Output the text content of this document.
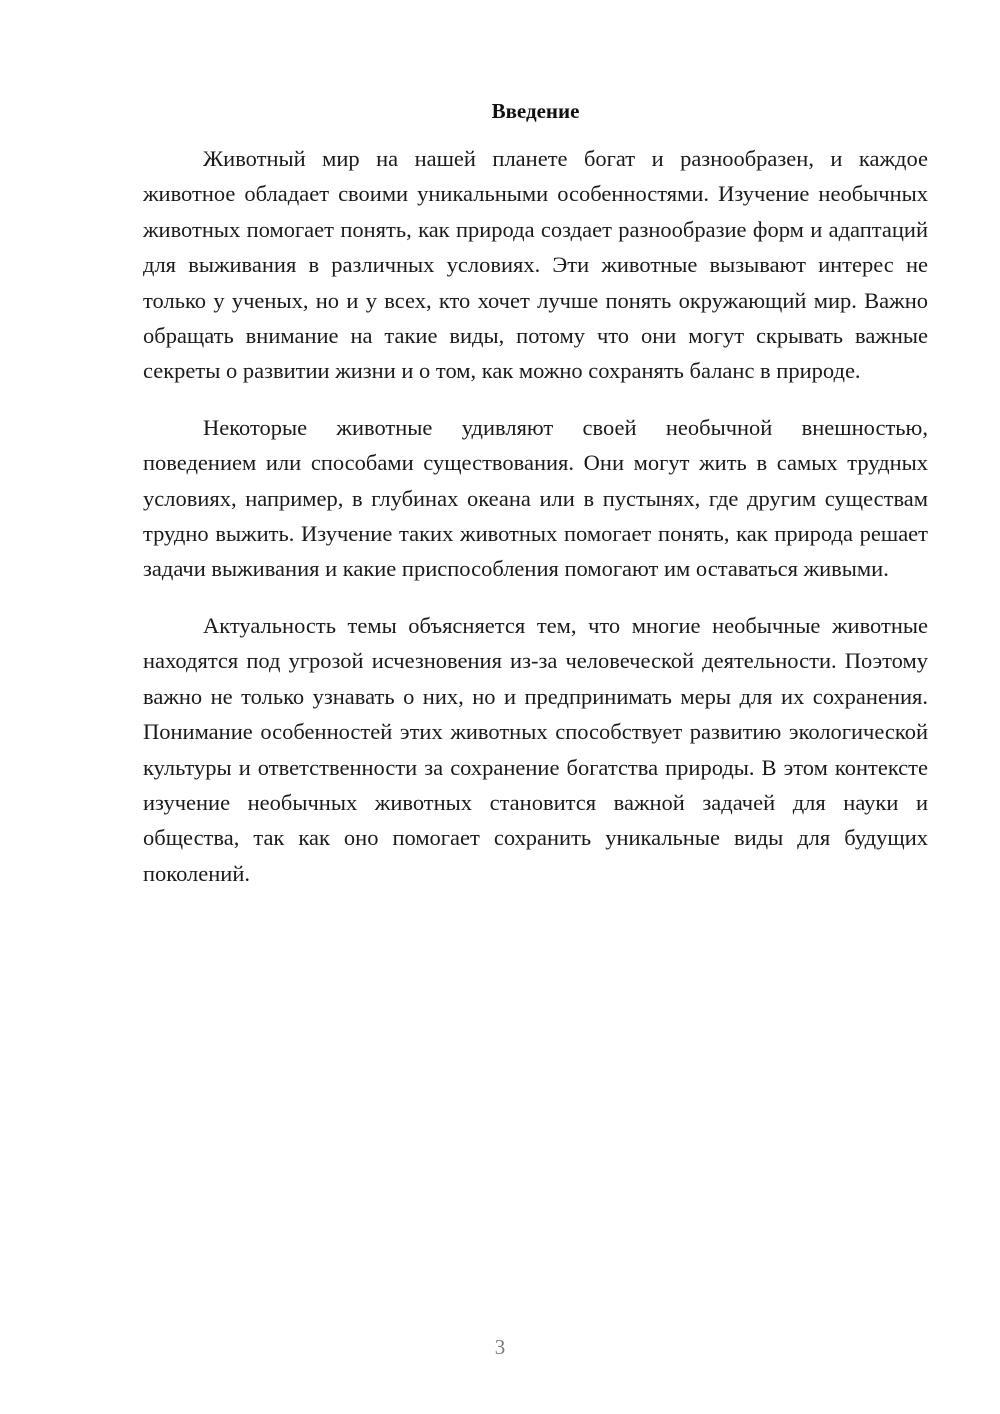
Введение

Животный мир на нашей планете богат и разнообразен, и каждое животное обладает своими уникальными особенностями. Изучение необычных животных помогает понять, как природа создает разнообразие форм и адаптаций для выживания в различных условиях. Эти животные вызывают интерес не только у ученых, но и у всех, кто хочет лучше понять окружающий мир. Важно обращать внимание на такие виды, потому что они могут скрывать важные секреты о развитии жизни и о том, как можно сохранять баланс в природе.

Некоторые животные удивляют своей необычной внешностью, поведением или способами существования. Они могут жить в самых трудных условиях, например, в глубинах океана или в пустынях, где другим существам трудно выжить. Изучение таких животных помогает понять, как природа решает задачи выживания и какие приспособления помогают им оставаться живыми.

Актуальность темы объясняется тем, что многие необычные животные находятся под угрозой исчезновения из-за человеческой деятельности. Поэтому важно не только узнавать о них, но и предпринимать меры для их сохранения. Понимание особенностей этих животных способствует развитию экологической культуры и ответственности за сохранение богатства природы. В этом контексте изучение необычных животных становится важной задачей для науки и общества, так как оно помогает сохранить уникальные виды для будущих поколений.

3
